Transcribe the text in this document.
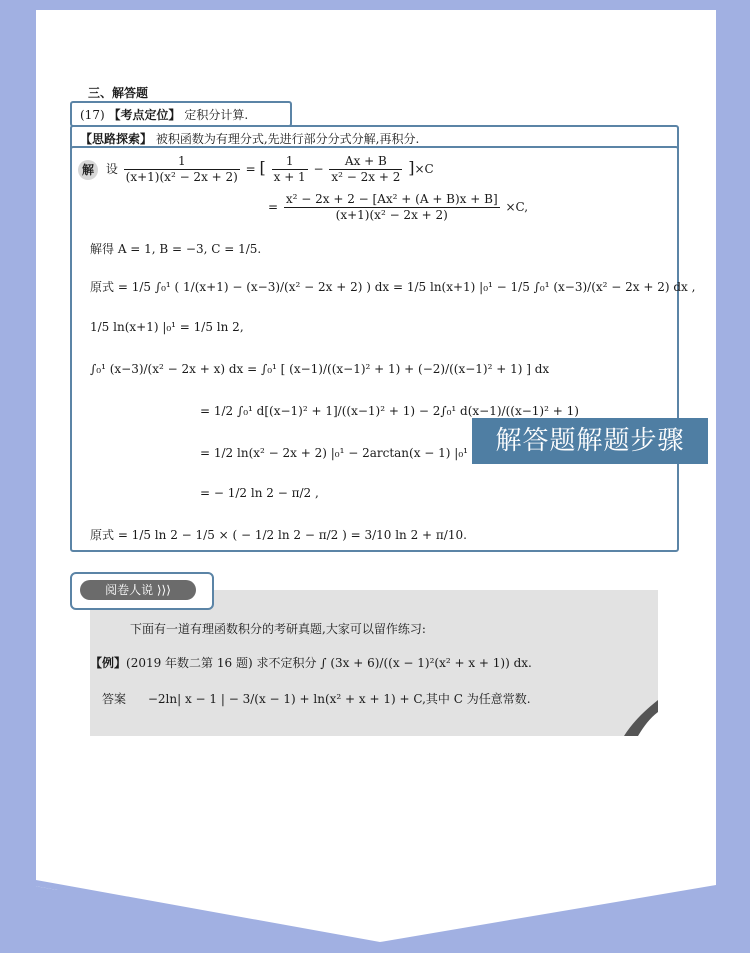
三、解答题
(17) 【考点定位】 定积分计算.
【思路探索】 被积函数为有理分式,先进行部分分式分解,再积分.
解 设 $\frac{1}{\text{(x+1)(x² − 2x + 2)}}$ = [ $\frac{1}{x + 1} - \frac{Ax + B}{\text{x² − 2x + 2}} ]\times C$
= $\frac{\text{x² − 2x + 2 − [Ax² + (A + B)x + B]}}{\text{(x+1)(x² − 2x + 2)}} \times C$,
解得 A = 1, B = −3, C = 1/5.
原式 = 1/5 ∫₀¹ ( 1/(x+1) − (x−3)/(x² − 2x + 2) ) dx = 1/5 ln(x+1) |₀¹ − 1/5 ∫₀¹ (x−3)/(x² − 2x + 2) dx ,
1/5 ln(x+1) |₀¹ = 1/5 ln 2,
∫₀¹ (x−3)/(x² − 2x + x) dx = ∫₀¹ [ (x−1)/((x−1)² + 1) + (−2)/((x−1)² + 1) ] dx
= 1/2 ∫₀¹ d[(x−1)² + 1]/((x−1)² + 1) − 2∫₀¹ d(x−1)/((x−1)² + 1)
= 1/2 ln(x² − 2x + 2) |₀¹ − 2arctan(x − 1) |₀¹
= − 1/2 ln 2 − π/2 ,
原式 = 1/5 ln 2 − 1/5 × ( − 1/2 ln 2 − π/2 ) = 3/10 ln 2 + π/10.
解答题解题步骤
下面有一道有理函数积分的考研真题,大家可以留作练习:
【例】(2019 年数二第 16 题) 求不定积分 ∫ (3x + 6)/((x − 1)²(x² + x + 1)) dx.
答案 −2ln| x − 1 | − 3/(x − 1) + ln(x² + x + 1) + C,其中 C 为任意常数.
阅卷人说 ⟩⟩⟩
